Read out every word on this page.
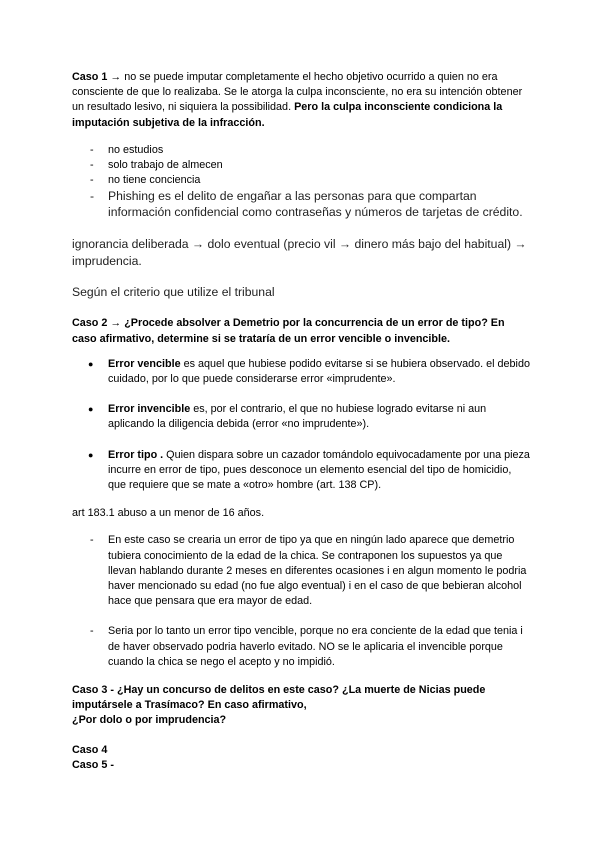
Caso 1 → no se puede imputar completamente el hecho objetivo ocurrido a quien no era consciente de que lo realizaba. Se le atorga la culpa inconsciente, no era su intención obtener un resultado lesivo, ni siquiera la possibilidad. Pero la culpa inconsciente condiciona la imputación subjetiva de la infracción.

- no estudios
- solo trabajo de almecen
- no tiene conciencia
- Phishing es el delito de engañar a las personas para que compartan información confidencial como contraseñas y números de tarjetas de crédito.

ignorancia deliberada → dolo eventual (precio vil → dinero más bajo del habitual) → imprudencia.

Según el criterio que utilize el tribunal

Caso 2 → ¿Procede absolver a Demetrio por la concurrencia de un error de tipo? En caso afirmativo, determine si se trataría de un error vencible o invencible.

● Error vencible es aquel que hubiese podido evitarse si se hubiera observado. el debido cuidado, por lo que puede considerarse error «imprudente».
● Error invencible es, por el contrario, el que no hubiese logrado evitarse ni aun aplicando la diligencia debida (error «no imprudente»).
● Error tipo . Quien dispara sobre un cazador tomándolo equivocadamente por una pieza incurre en error de tipo, pues desconoce un elemento esencial del tipo de homicidio, que requiere que se mate a «otro» hombre (art. 138 CP).

art 183.1 abuso a un menor de 16 años.

- En este caso se crearia un error de tipo ya que en ningún lado aparece que demetrio tubiera conocimiento de la edad de la chica. Se contraponen los supuestos ya que llevan hablando durante 2 meses en diferentes ocasiones i en algun momento le podria haver mencionado su edad (no fue algo eventual) i en el caso de que bebieran alcohol hace que pensara que era mayor de edad.
- Seria por lo tanto un error tipo vencible, porque no era conciente de la edad que tenia i de haver observado podria haverlo evitado. NO se le aplicaria el invencible porque cuando la chica se nego el acepto y no impidió.

Caso 3 - ¿Hay un concurso de delitos en este caso? ¿La muerte de Nicias puede imputársele a Trasímaco? En caso afirmativo,
¿Por dolo o por imprudencia?

Caso 4

Caso 5 -
